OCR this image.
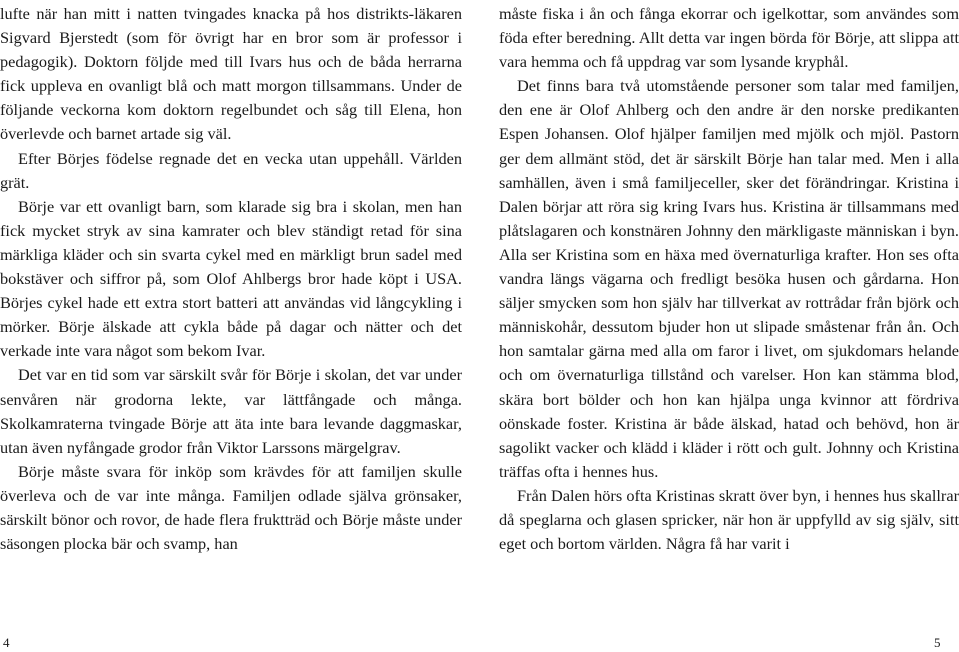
lufte när han mitt i natten tvingades knacka på hos distrikts-läkaren Sigvard Bjerstedt (som för övrigt har en bror som är professor i pedagogik). Doktorn följde med till Ivars hus och de båda herrarna fick uppleva en ovanligt blå och matt morgon tillsammans. Under de följande veckorna kom doktorn regelbundet och såg till Elena, hon överlevde och barnet artade sig väl.

Efter Börjes födelse regnade det en vecka utan uppehåll. Världen grät.

Börje var ett ovanligt barn, som klarade sig bra i skolan, men han fick mycket stryk av sina kamrater och blev ständigt retad för sina märkliga kläder och sin svarta cykel med en märkligt brun sadel med bokstäver och siffror på, som Olof Ahlbergs bror hade köpt i USA. Börjes cykel hade ett extra stort batteri att användas vid långcykling i mörker. Börje älskade att cykla både på dagar och nätter och det verkade inte vara något som bekom Ivar.

Det var en tid som var särskilt svår för Börje i skolan, det var under senvåren när grodorna lekte, var lättfångade och många. Skolkamraterna tvingade Börje att äta inte bara levande daggmaskar, utan även nyfångade grodor från Viktor Larssons märgelgrav.

Börje måste svara för inköp som krävdes för att familjen skulle överleva och de var inte många. Familjen odlade själva grönsaker, särskilt bönor och rovor, de hade flera fruktträd och Börje måste under säsongen plocka bär och svamp, han

måste fiska i ån och fånga ekorrar och igelkottar, som användes som föda efter beredning. Allt detta var ingen börda för Börje, att slippa att vara hemma och få uppdrag var som lysande kryphål.

Det finns bara två utomstående personer som talar med familjen, den ene är Olof Ahlberg och den andre är den norske predikanten Espen Johansen. Olof hjälper familjen med mjölk och mjöl. Pastorn ger dem allmänt stöd, det är särskilt Börje han talar med. Men i alla samhällen, även i små familjeceller, sker det förändringar. Kristina i Dalen börjar att röra sig kring Ivars hus. Kristina är tillsammans med plåtslagaren och konstnären Johnny den märkligaste människan i byn. Alla ser Kristina som en häxa med övernaturliga krafter. Hon ses ofta vandra längs vägarna och fredligt besöka husen och gårdarna. Hon säljer smycken som hon själv har tillverkat av rottrådar från björk och människohår, dessutom bjuder hon ut slipade småstenar från ån. Och hon samtalar gärna med alla om faror i livet, om sjukdomars helande och om övernaturliga tillstånd och varelser. Hon kan stämma blod, skära bort bölder och hon kan hjälpa unga kvinnor att fördriva oönskade foster. Kristina är både älskad, hatad och behövd, hon är sagolikt vacker och klädd i kläder i rött och gult. Johnny och Kristina träffas ofta i hennes hus.

Från Dalen hörs ofta Kristinas skratt över byn, i hennes hus skallrar då speglarna och glasen spricker, när hon är uppfylld av sig själv, sitt eget och bortom världen. Några få har varit i

4	5
